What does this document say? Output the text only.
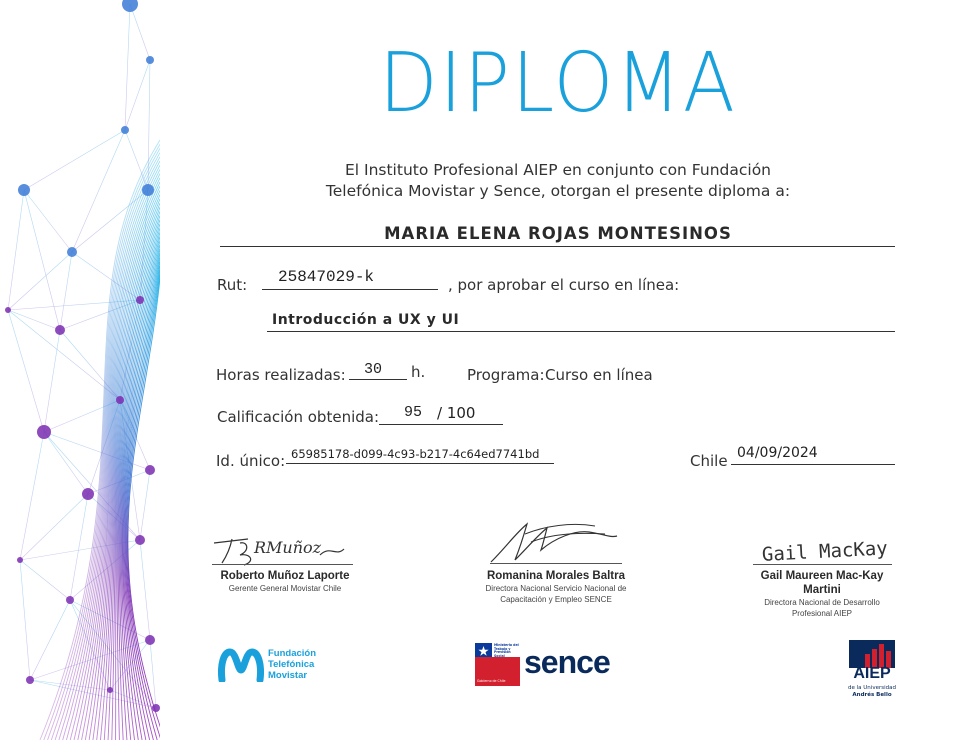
DIPLOMA
El Instituto Profesional AIEP en conjunto con Fundación
Telefónica Movistar y Sence, otorgan el presente diploma a:
MARIA ELENA ROJAS MONTESINOS
Rut: 25847029-k	, por aprobar el curso en línea:
Introducción a UX y UI
Horas realizadas: 30 h.	Programa: Curso en línea
Calificación obtenida: 95 / 100
Id. único: 65985178-d099-4c93-b217-4c64ed7741bd	Chile 04/09/2024
RMuñoz
Roberto Muñoz Laporte
Gerente General Movistar Chile
Romanina Morales Baltra
Directora Nacional Servicio Nacional de
Capacitación y Empleo SENCE
Gail MacKay
Gail Maureen Mac-Kay
Martini
Directora Nacional de Desarrollo
Profesional AIEP
Fundación
Telefónica
Movistar
Ministerio del
Trabajo y
Previsión
Social
Gobierno de Chile
sence	AIEP
de la Universidad
Andrés Bello
